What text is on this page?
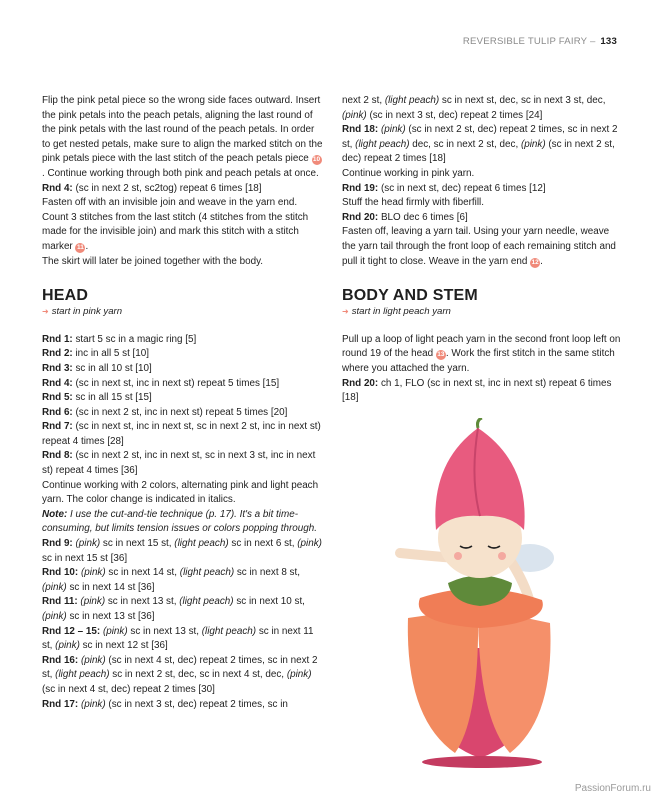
REVERSIBLE TULIP FAIRY – 133

Flip the pink petal piece so the wrong side faces outward. Insert the pink petals into the peach petals, aligning the last round of the pink petals with the last round of the peach petals. In order to get nested petals, make sure to align the marked stitch on the pink petals piece with the last stitch of the peach petals piece 10. Continue working through both pink and peach petals at once.

Rnd 4: (sc in next 2 st, sc2tog) repeat 6 times [18]

Fasten off with an invisible join and weave in the yarn end. Count 3 stitches from the last stitch (4 stitches from the stitch made for the invisible join) and mark this stitch with a stitch marker 11 .

The skirt will later be joined together with the body.

HEAD

➜ start in pink yarn

Rnd 1: start 5 sc in a magic ring [5]

Rnd 2: inc in all 5 st [10]

Rnd 3: sc in all 10 st [10]

Rnd 4: (sc in next st, inc in next st) repeat 5 times [15]

Rnd 5: sc in all 15 st [15]

Rnd 6: (sc in next 2 st, inc in next st) repeat 5 times [20]

Rnd 7: (sc in next st, inc in next st, sc in next 2 st, inc in next st) repeat 4 times [28]

Rnd 8: (sc in next 2 st, inc in next st, sc in next 3 st, inc in next st) repeat 4 times [36]

Continue working with 2 colors, alternating pink and light peach yarn. The color change is indicated in italics.

Note: I use the cut-and-tie technique (p. 17). It's a bit time-consuming, but limits tension issues or colors popping through.

Rnd 9: (pink) sc in next 15 st, (light peach) sc in next 6 st, (pink) sc in next 15 st [36]

Rnd 10: (pink) sc in next 14 st, (light peach) sc in next 8 st, (pink) sc in next 14 st [36]

Rnd 11: (pink) sc in next 13 st, (light peach) sc in next 10 st, (pink) sc in next 13 st [36]

Rnd 12 – 15: (pink) sc in next 13 st, (light peach) sc in next 11 st, (pink) sc in next 12 st [36]

Rnd 16: (pink) (sc in next 4 st, dec) repeat 2 times, sc in next 2 st, (light peach) sc in next 2 st, dec, sc in next 4 st, dec, (pink) (sc in next 4 st, dec) repeat 2 times [30]

Rnd 17: (pink) (sc in next 3 st, dec) repeat 2 times, sc in

next 2 st, (light peach) sc in next st, dec, sc in next 3 st, dec, (pink) (sc in next 3 st, dec) repeat 2 times [24]

Rnd 18: (pink) (sc in next 2 st, dec) repeat 2 times, sc in next 2 st, (light peach) dec, sc in next 2 st, dec, (pink) (sc in next 2 st, dec) repeat 2 times [18]

Continue working in pink yarn.

Rnd 19: (sc in next st, dec) repeat 6 times [12]

Stuff the head firmly with fiberfill.

Rnd 20: BLO dec 6 times [6]

Fasten off, leaving a yarn tail. Using your yarn needle, weave the yarn tail through the front loop of each remaining stitch and pull it tight to close. Weave in the yarn end 12.

BODY AND STEM

➜ start in light peach yarn

Pull up a loop of light peach yarn in the second front loop left on round 19 of the head 13. Work the first stitch in the same stitch where you attached the yarn.

Rnd 20: ch 1, FLO (sc in next st, inc in next st) repeat 6 times [18]

PassionForum.ru
